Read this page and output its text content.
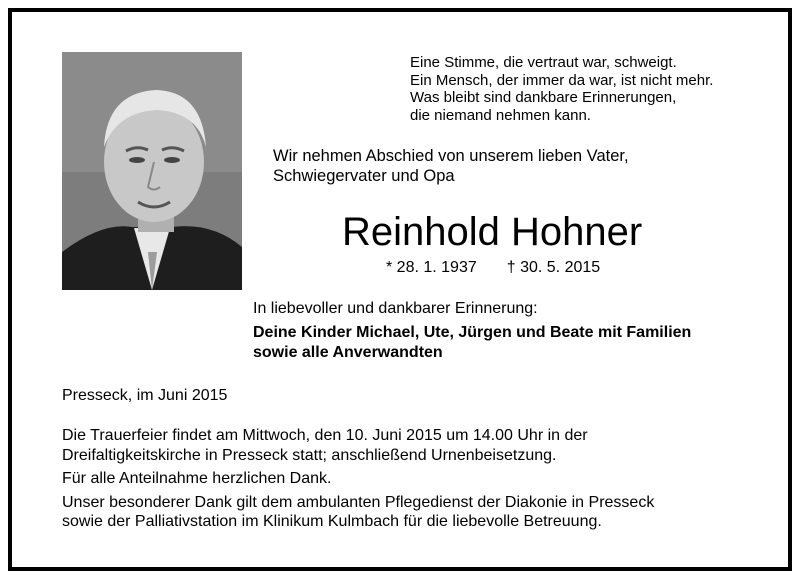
Eine Stimme, die vertraut war, schweigt.
Ein Mensch, der immer da war, ist nicht mehr.
Was bleibt sind dankbare Erinnerungen,
die niemand nehmen kann.
Wir nehmen Abschied von unserem lieben Vater,
Schwiegervater und Opa
Reinhold Hohner
* 28. 1. 1937 † 30. 5. 2015
In liebevoller und dankbarer Erinnerung:
Deine Kinder Michael, Ute, Jürgen und Beate mit Familien
sowie alle Anverwandten
Presseck, im Juni 2015

Die Trauerfeier findet am Mittwoch, den 10. Juni 2015 um 14.00 Uhr in der
Dreifaltigkeitskirche in Presseck statt; anschließend Urnenbeisetzung.

Für alle Anteilnahme herzlichen Dank.

Unser besonderer Dank gilt dem ambulanten Pflegedienst der Diakonie in Presseck
sowie der Palliativstation im Klinikum Kulmbach für die liebevolle Betreuung.
